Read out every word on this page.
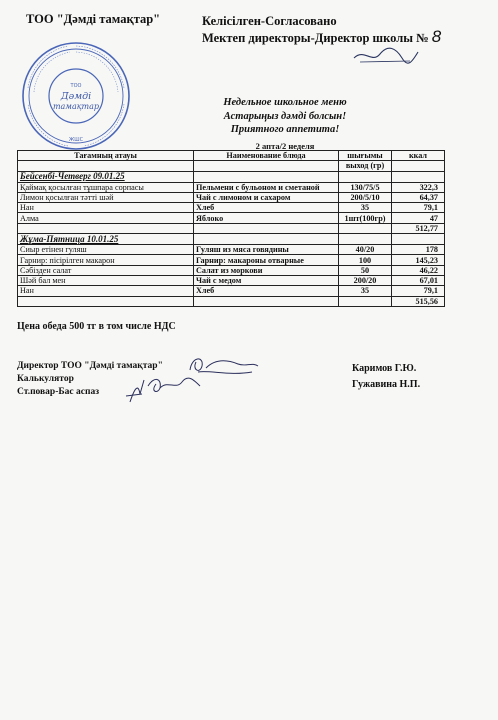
ТОО "Дәмді тамақтар"	Келісілген-Согласовано
Мектеп директоры-Директор школы № 8
ТОО
Дәмді
тамақтар
ЖШС
Недельное школьное меню
Астарыңыз дәмді болсын!
Приятного аппетита!
2 апта/2 неделя
Тағамның атауы	Наименование блюда	шығымы	ккал
		выход (гр)	
Бейсенбі-Четверг 09.01.25			
Қаймақ қосылған тұшпара сорпасы	Пельмени с бульоном и сметаной	130/75/5	322,3
Лимон қосылған тәтті шәй	Чай с лимоном и сахаром	200/5/10	64,37
Нан	Хлеб	35	79,1
Алма	Яблоко	1шт(100гр)	47
			512,77
Жұма-Пятница 10.01.25			
Сиыр етінен гуляш	Гуляш из мяса говядины	40/20	178
Гарнир: пісірілген макарон	Гарнир: макароны отварные	100	145,23
Сәбізден салат	Салат из моркови	50	46,22
Шәй бал мен	Чай с медом	200/20	67,01
Нан	Хлеб	35	79,1
			515,56
Цена обеда 500 тг в том числе НДС
Директор ТОО "Дәмді тамақтар"
Калькулятор
Ст.повар-Бас аспаз
Каримов Г.Ю.
Гужавина Н.П.
